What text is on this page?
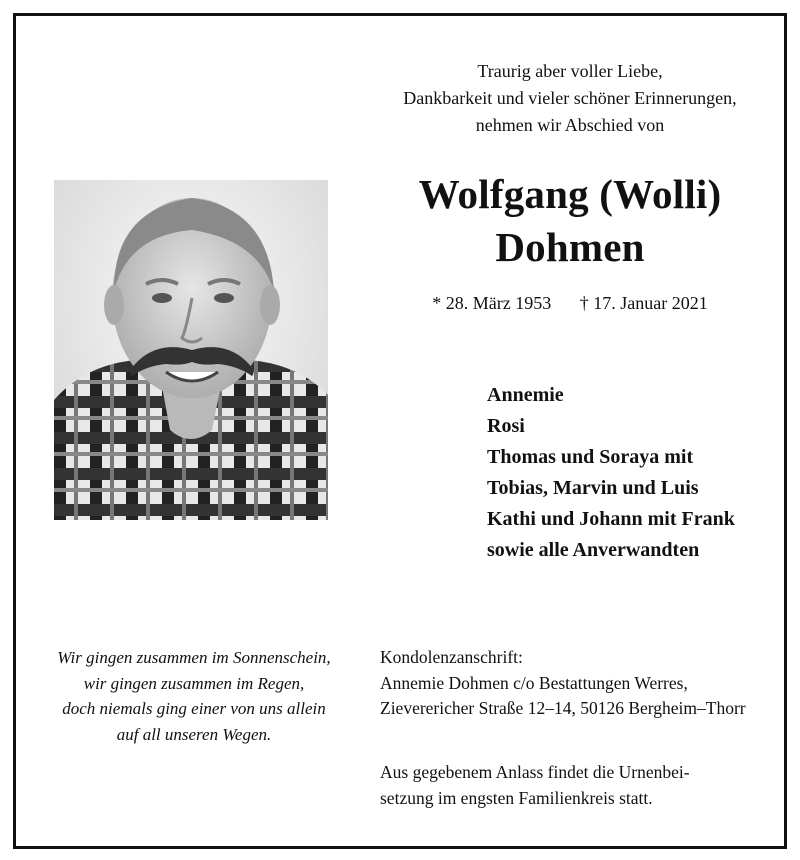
Traurig aber voller Liebe,
Dankbarkeit und vieler schöner Erinnerungen,
nehmen wir Abschied von
Wolfgang (Wolli)
Dohmen
* 28. März 1953 † 17. Januar 2021
Annemie
Rosi
Thomas und Soraya mit
Tobias, Marvin und Luis
Kathi und Johann mit Frank
sowie alle Anverwandten
Wir gingen zusammen im Sonnenschein,
wir gingen zusammen im Regen,
doch niemals ging einer von uns allein
auf all unseren Wegen.
Kondolenzanschrift:
Annemie Dohmen c/o Bestattungen Werres,
Zieverericher Straße 12–14, 50126 Bergheim–Thorr
Aus gegebenem Anlass findet die Urnenbei-
setzung im engsten Familienkreis statt.
